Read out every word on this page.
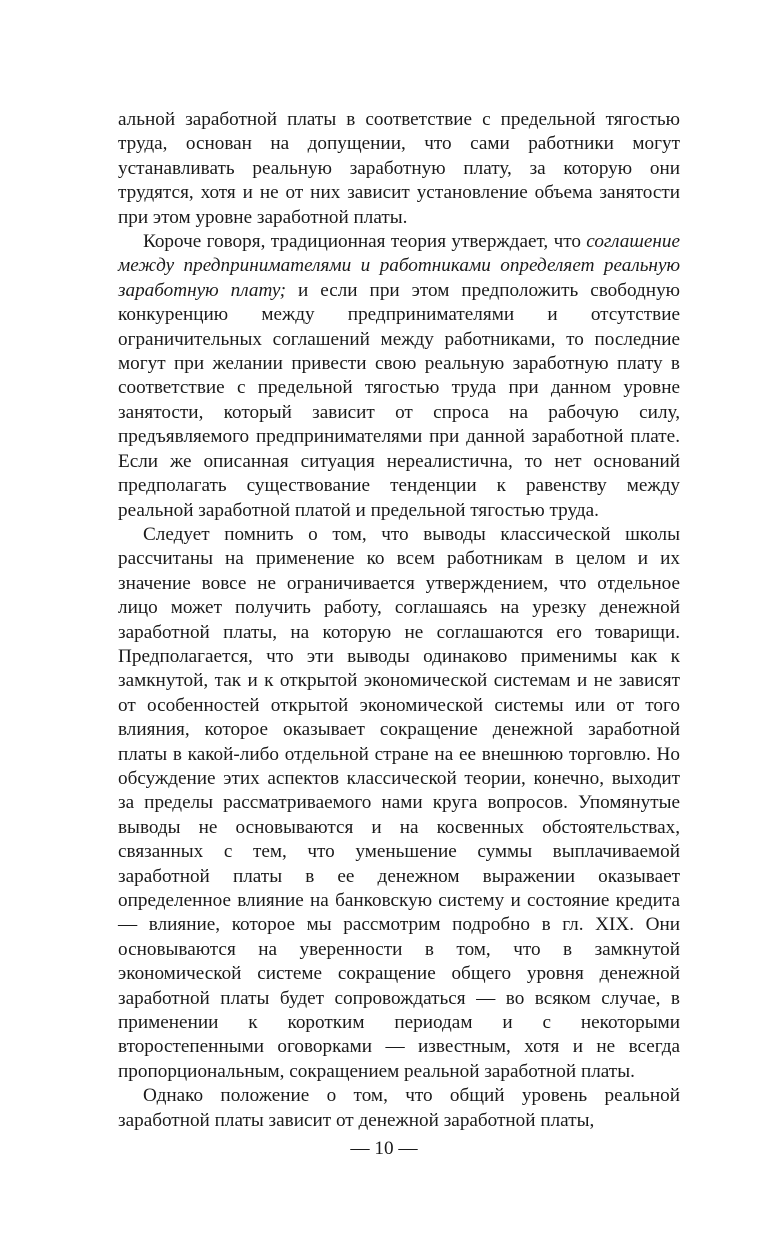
альной заработной платы в соответствие с предельной тягостью труда, основан на допущении, что сами работники могут устанавливать реальную заработную плату, за которую они трудятся, хотя и не от них зависит установление объема занятости при этом уровне заработной платы.

Короче говоря, традиционная теория утверждает, что соглашение между предпринимателями и работниками определяет реальную заработную плату; и если при этом предположить свободную конкуренцию между предпринимателями и отсутствие ограничительных соглашений между работниками, то последние могут при желании привести свою реальную заработную плату в соответствие с предельной тягостью труда при данном уровне занятости, который зависит от спроса на рабочую силу, предъявляемого предпринимателями при данной заработной плате. Если же описанная ситуация нереалистична, то нет оснований предполагать существование тенденции к равенству между реальной заработной платой и предельной тягостью труда.

Следует помнить о том, что выводы классической школы рассчитаны на применение ко всем работникам в целом и их значение вовсе не ограничивается утверждением, что отдельное лицо может получить работу, соглашаясь на урезку денежной заработной платы, на которую не соглашаются его товарищи. Предполагается, что эти выводы одинаково применимы как к замкнутой, так и к открытой экономической системам и не зависят от особенностей открытой экономической системы или от того влияния, которое оказывает сокращение денежной заработной платы в какой-либо отдельной стране на ее внешнюю торговлю. Но обсуждение этих аспектов классической теории, конечно, выходит за пределы рассматриваемого нами круга вопросов. Упомянутые выводы не основываются и на косвенных обстоятельствах, связанных с тем, что уменьшение суммы выплачиваемой заработной платы в ее денежном выражении оказывает определенное влияние на банковскую систему и состояние кредита — влияние, которое мы рассмотрим подробно в гл. XIX. Они основываются на уверенности в том, что в замкнутой экономической системе сокращение общего уровня денежной заработной платы будет сопровождаться — во всяком случае, в применении к коротким периодам и с некоторыми второстепенными оговорками — известным, хотя и не всегда пропорциональным, сокращением реальной заработной платы.

Однако положение о том, что общий уровень реальной заработной платы зависит от денежной заработной платы,

— 10 —
